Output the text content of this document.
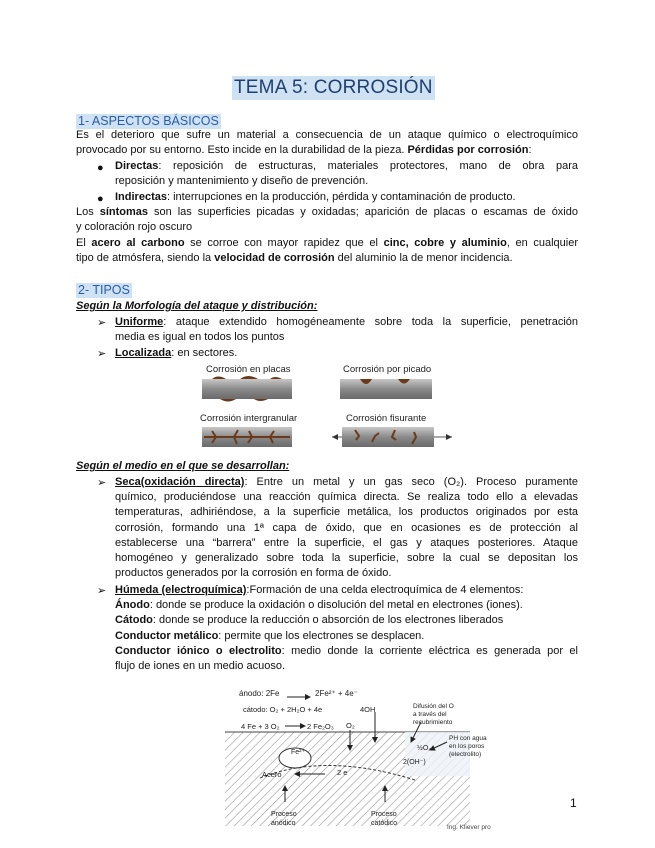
TEMA 5: CORROSIÓN
1- ASPECTOS BÁSICOS
Es el deterioro que sufre un material a consecuencia de un ataque químico o electroquímico
provocado por su entorno. Esto incide en la durabilidad de la pieza. Pérdidas por corrosión:
● Directas: reposición de estructuras, materiales protectores, mano de obra para
reposición y mantenimiento y diseño de prevención.
● Indirectas: interrupciones en la producción, pérdida y contaminación de producto.
Los síntomas son las superficies picadas y oxidadas; aparición de placas o escamas de óxido
y coloración rojo oscuro
El acero al carbono se corroe con mayor rapidez que el cinc, cobre y aluminio, en cualquier
tipo de atmósfera, siendo la velocidad de corrosión del aluminio la de menor incidencia.
2- TIPOS
Según la Morfología del ataque y distribución:
➢ Uniforme: ataque extendido homogéneamente sobre toda la superficie, penetración
media es igual en todos los puntos
➢ Localizada: en sectores.
Corrosión en placas	Corrosión por picado
Corrosión intergranular	Corrosión fisurante
Según el medio en el que se desarrollan:
➢ Seca(oxidación directa): Entre un metal y un gas seco (O₂). Proceso puramente
químico, produciéndose una reacción química directa. Se realiza todo ello a elevadas
temperaturas, adhiriéndose, a la superficie metálica, los productos originados por esta
corrosión, formando una 1ª capa de óxido, que en ocasiones es de protección al
establecerse una “barrera” entre la superficie, el gas y ataques posteriores. Ataque
homogéneo y generalizado sobre toda la superficie, sobre la cual se depositan los
productos generados por la corrosión en forma de óxido.
➢ Húmeda (electroquímica):Formación de una celda electroquímica de 4 elementos:
Ánodo: donde se produce la oxidación o disolución del metal en electrones (iones).
Cátodo: donde se produce la reducción o absorción de los electrones liberados
Conductor metálico: permite que los electrones se desplacen.
Conductor iónico o electrolito: medio donde la corriente eléctrica es generada por el
flujo de iones en un medio acuoso.
ánodo: 2Fe	2Fe²⁺ + 4e⁻
cátodo: O₂ + 2H₂O + 4e	4OH
4 Fe + 3 O₂	2 Fe₂O₃ O₂
Difusión del O
a través del
recubrimiento
PH con agua
en los poros
(electrolito)
Fe²⁺
½O₂
2(OH⁻)
Acero	2 e
Proceso
anódico
Proceso
catódico
Ing. Kliever pro
1
